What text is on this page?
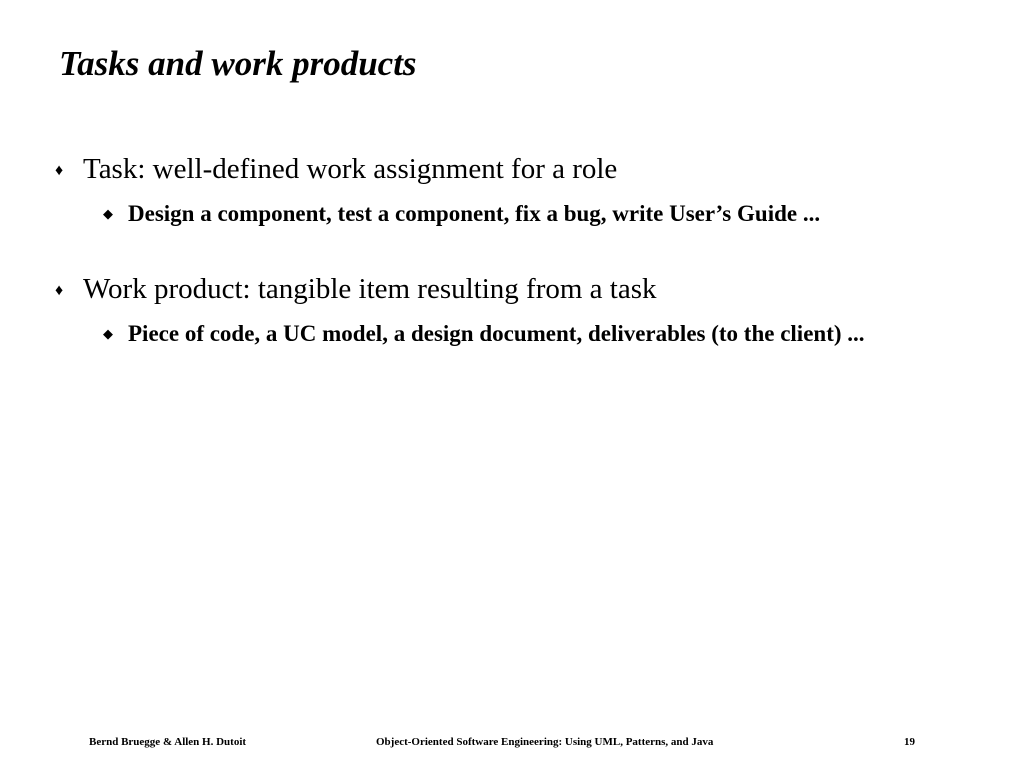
Tasks and work products
♦ Task: well-defined work assignment for a role
◆ Design a component, test a component, fix a bug, write User’s Guide ...
♦ Work product: tangible item resulting from a task
◆ Piece of code, a UC model, a design document, deliverables (to the client) ...
Bernd Bruegge & Allen H. Dutoit	Object-Oriented Software Engineering: Using UML, Patterns, and Java	19
